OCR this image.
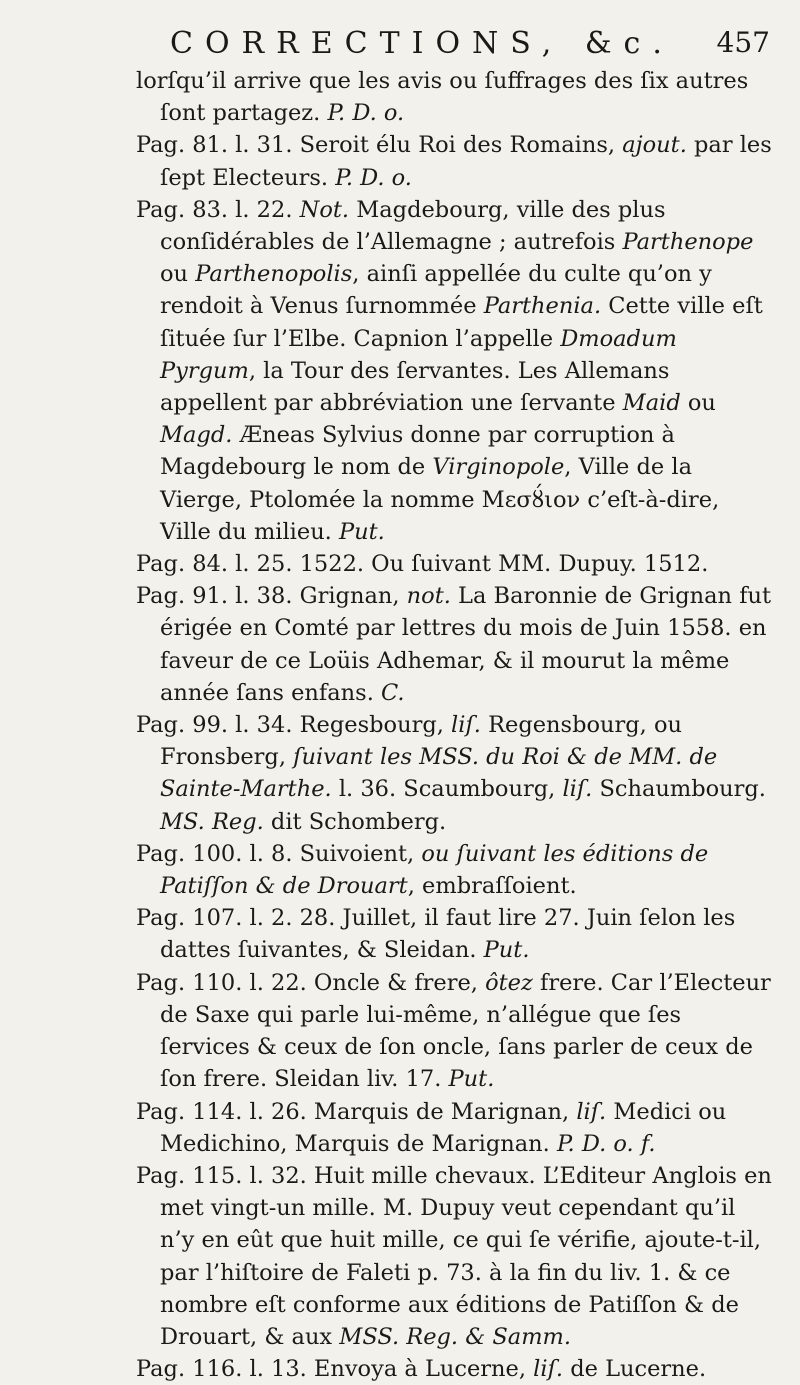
CORRECTIONS, &c. 457

lorſqu’il arrive que les avis ou ſuffrages des ſix autres ſont partagez. P. D. o.

Pag. 81. l. 31. Seroit élu Roi des Romains, ajout. par les ſept Electeurs. P. D. o.

Pag. 83. l. 22. Not. Magdebourg, ville des plus conſidérables de l’Allemagne ; autrefois Parthenope ou Parthenopolis, ainſi appellée du culte qu’on y rendoit à Venus ſurnommée Parthenia. Cette ville eſt ſituée ſur l’Elbe. Capnion l’appelle Dmoadum Pyrgum, la Tour des ſervantes. Les Allemans appellent par abbréviation une ſervante Maid ou Magd. Æneas Sylvius donne par corruption à Magdebourg le nom de Virginopole, Ville de la Vierge, Ptolomée la nomme Μεσȣ́ιον c’eſt-à-dire, Ville du milieu. Put.

Pag. 84. l. 25. 1522. Ou ſuivant MM. Dupuy. 1512.

Pag. 91. l. 38. Grignan, not. La Baronnie de Grignan fut érigée en Comté par lettres du mois de Juin 1558. en faveur de ce Loüis Adhemar, & il mourut la même année ſans enfans. C.

Pag. 99. l. 34. Regesbourg, liſ. Regensbourg, ou Fronsberg, ſuivant les MSS. du Roi & de MM. de Sainte-Marthe. l. 36. Scaumbourg, liſ. Schaumbourg. MS. Reg. dit Schomberg.

Pag. 100. l. 8. Suivoient, ou ſuivant les éditions de Patiſſon & de Drouart, embraſſoient.

Pag. 107. l. 2. 28. Juillet, il faut lire 27. Juin ſelon les dattes ſuivantes, & Sleidan. Put.

Pag. 110. l. 22. Oncle & frere, ôtez frere. Car l’Electeur de Saxe qui parle lui-même, n’allégue que ſes ſervices & ceux de ſon oncle, ſans parler de ceux de ſon frere. Sleidan liv. 17. Put.

Pag. 114. l. 26. Marquis de Marignan, liſ. Medici ou Medichino, Marquis de Marignan. P. D. o. f.

Pag. 115. l. 32. Huit mille chevaux. L’Editeur Anglois en met vingt-un mille. M. Dupuy veut cependant qu’il n’y en eût que huit mille, ce qui ſe vérifie, ajoute-t-il, par l’hiſtoire de Faleti p. 73. à la fin du liv. 1. & ce nombre eſt conforme aux éditions de Patiſſon & de Drouart, & aux MSS. Reg. & Samm.

Pag. 116. l. 13. Envoya à Lucerne, liſ. de Lucerne.
